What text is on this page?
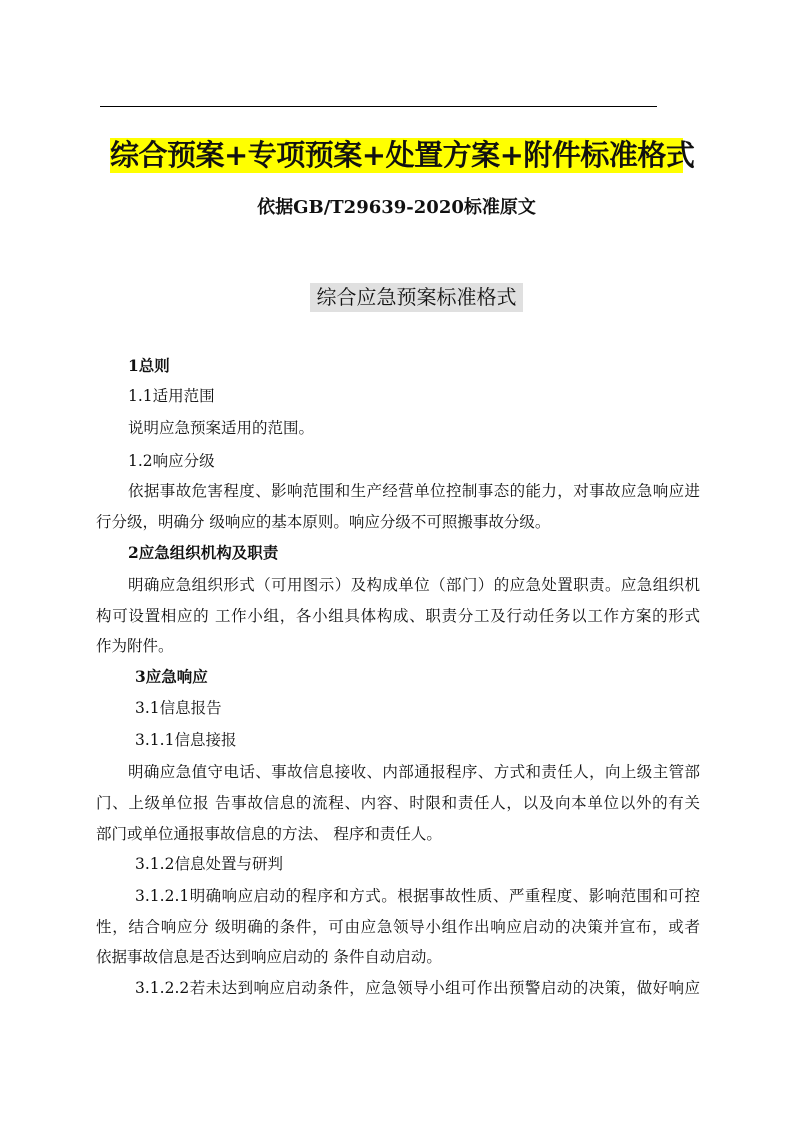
综合预案+专项预案+处置方案+附件标准格式
依据GB/T29639-2020标准原文
综合应急预案标准格式
1总则
1.1适用范围
说明应急预案适用的范围。
1.2响应分级
依据事故危害程度、影响范围和生产经营单位控制事态的能力，对事故应急响应进
行分级，明确分 级响应的基本原则。响应分级不可照搬事故分级。
2应急组织机构及职责
明确应急组织形式（可用图示）及构成单位（部门）的应急处置职责。应急组织机
构可设置相应的 工作小组，各小组具体构成、职责分工及行动任务以工作方案的形式
作为附件。
3应急响应
3.1信息报告
3.1.1信息接报
明确应急值守电话、事故信息接收、内部通报程序、方式和责任人，向上级主管部
门、上级单位报 告事故信息的流程、内容、时限和责任人，以及向本单位以外的有关
部门或单位通报事故信息的方法、 程序和责任人。
3.1.2信息处置与研判
3.1.2.1明确响应启动的程序和方式。根据事故性质、严重程度、影响范围和可控
性，结合响应分 级明确的条件，可由应急领导小组作出响应启动的决策并宣布，或者
依据事故信息是否达到响应启动的 条件自动启动。
3.1.2.2若未达到响应启动条件，应急领导小组可作出预警启动的决策，做好响应
